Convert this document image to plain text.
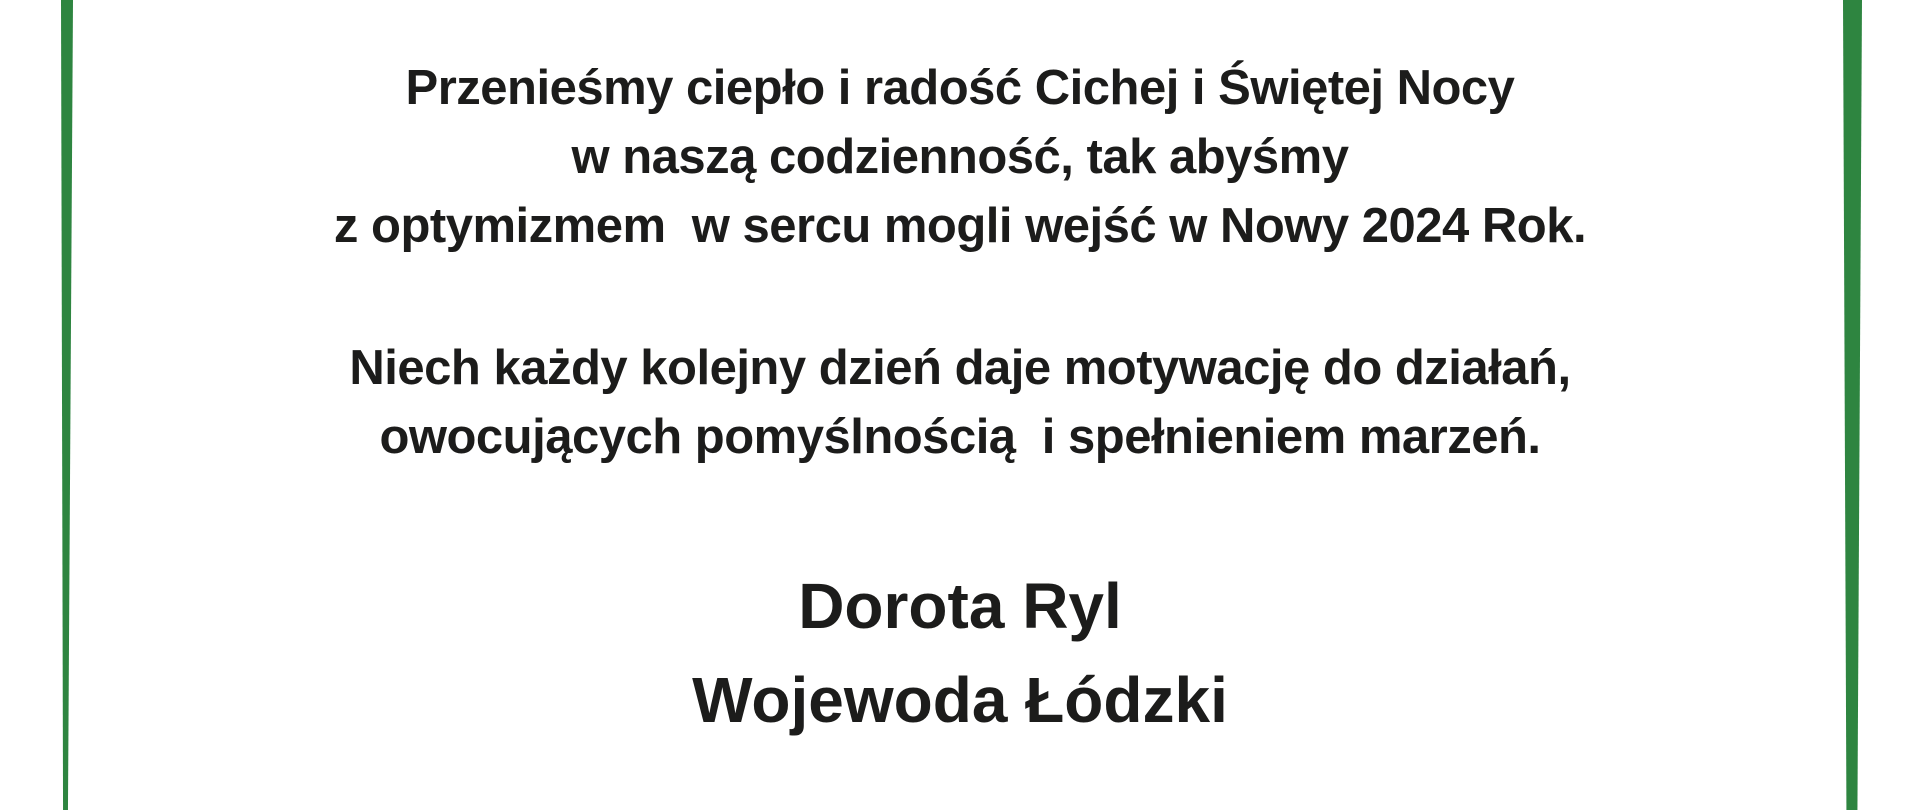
Przenieśmy ciepło i radość Cichej i Świętej Nocy
w naszą codzienność, tak abyśmy
z optymizmem  w sercu mogli wejść w Nowy 2024 Rok.
Niech każdy kolejny dzień daje motywację do działań,
owocujących pomyślnością  i spełnieniem marzeń.
Dorota Ryl
Wojewoda Łódzki
